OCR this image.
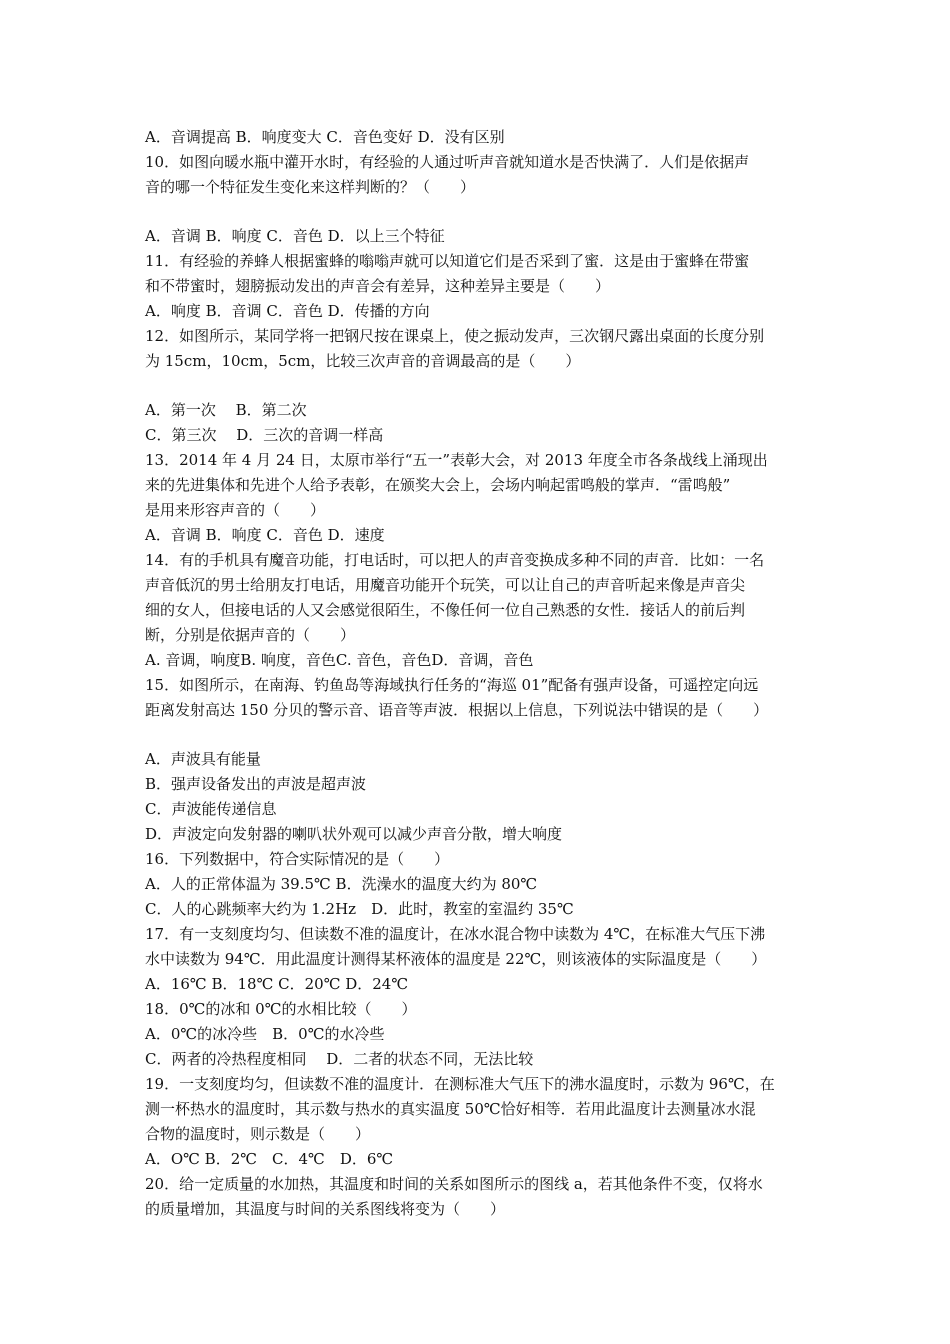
A．音调提高 B．响度变大 C．音色变好 D．没有区别
10．如图向暖水瓶中灌开水时，有经验的人通过听声音就知道水是否快满了．人们是依据声
音的哪一个特征发生变化来这样判断的？（　　）
A．音调 B．响度 C．音色 D．以上三个特征
11．有经验的养蜂人根据蜜蜂的嗡嗡声就可以知道它们是否采到了蜜．这是由于蜜蜂在带蜜
和不带蜜时，翅膀振动发出的声音会有差异，这种差异主要是（　　）
A．响度 B．音调 C．音色 D．传播的方向
12．如图所示，某同学将一把钢尺按在课桌上，使之振动发声，三次钢尺露出桌面的长度分别
为 15cm，10cm，5cm，比较三次声音的音调最高的是（　　）
A．第一次　 B．第二次
C．第三次　 D．三次的音调一样高
13．2014 年 4 月 24 日，太原市举行“五一”表彰大会，对 2013 年度全市各条战线上涌现出
来的先进集体和先进个人给予表彰，在颁奖大会上，会场内响起雷鸣般的掌声．“雷鸣般”
是用来形容声音的（　　）
A．音调 B．响度 C．音色 D．速度
14．有的手机具有魔音功能，打电话时，可以把人的声音变换成多种不同的声音．比如：一名
声音低沉的男士给朋友打电话，用魔音功能开个玩笑，可以让自己的声音听起来像是声音尖
细的女人，但接电话的人又会感觉很陌生，不像任何一位自己熟悉的女性．接话人的前后判
断，分别是依据声音的（　　）
A. 音调，响度B. 响度，音色C. 音色，音色D．音调，音色
15．如图所示，在南海、钓鱼岛等海域执行任务的“海巡 01”配备有强声设备，可遥控定向远
距离发射高达 150 分贝的警示音、语音等声波．根据以上信息，下列说法中错误的是（　　）
A．声波具有能量
B．强声设备发出的声波是超声波
C．声波能传递信息
D．声波定向发射器的喇叭状外观可以减少声音分散，增大响度
16．下列数据中，符合实际情况的是（　　）
A．人的正常体温为 39.5℃ B．洗澡水的温度大约为 80℃
C．人的心跳频率大约为 1.2Hz　D．此时，教室的室温约 35℃
17．有一支刻度均匀、但读数不准的温度计，在冰水混合物中读数为 4℃，在标准大气压下沸
水中读数为 94℃．用此温度计测得某杯液体的温度是 22℃，则该液体的实际温度是（　　）
A．16℃ B．18℃ C．20℃ D．24℃
18．0℃的冰和 0℃的水相比较（　　）
A．0℃的冰冷些　B．0℃的水冷些
C．两者的冷热程度相同　 D．二者的状态不同，无法比较
19．一支刻度均匀，但读数不准的温度计．在测标准大气压下的沸水温度时，示数为 96℃，在
测一杯热水的温度时，其示数与热水的真实温度 50℃恰好相等．若用此温度计去测量冰水混
合物的温度时，则示数是（　　）
A．O℃ B．2℃　C．4℃　D．6℃
20．给一定质量的水加热，其温度和时间的关系如图所示的图线 a，若其他条件不变，仅将水
的质量增加，其温度与时间的关系图线将变为（　　）
